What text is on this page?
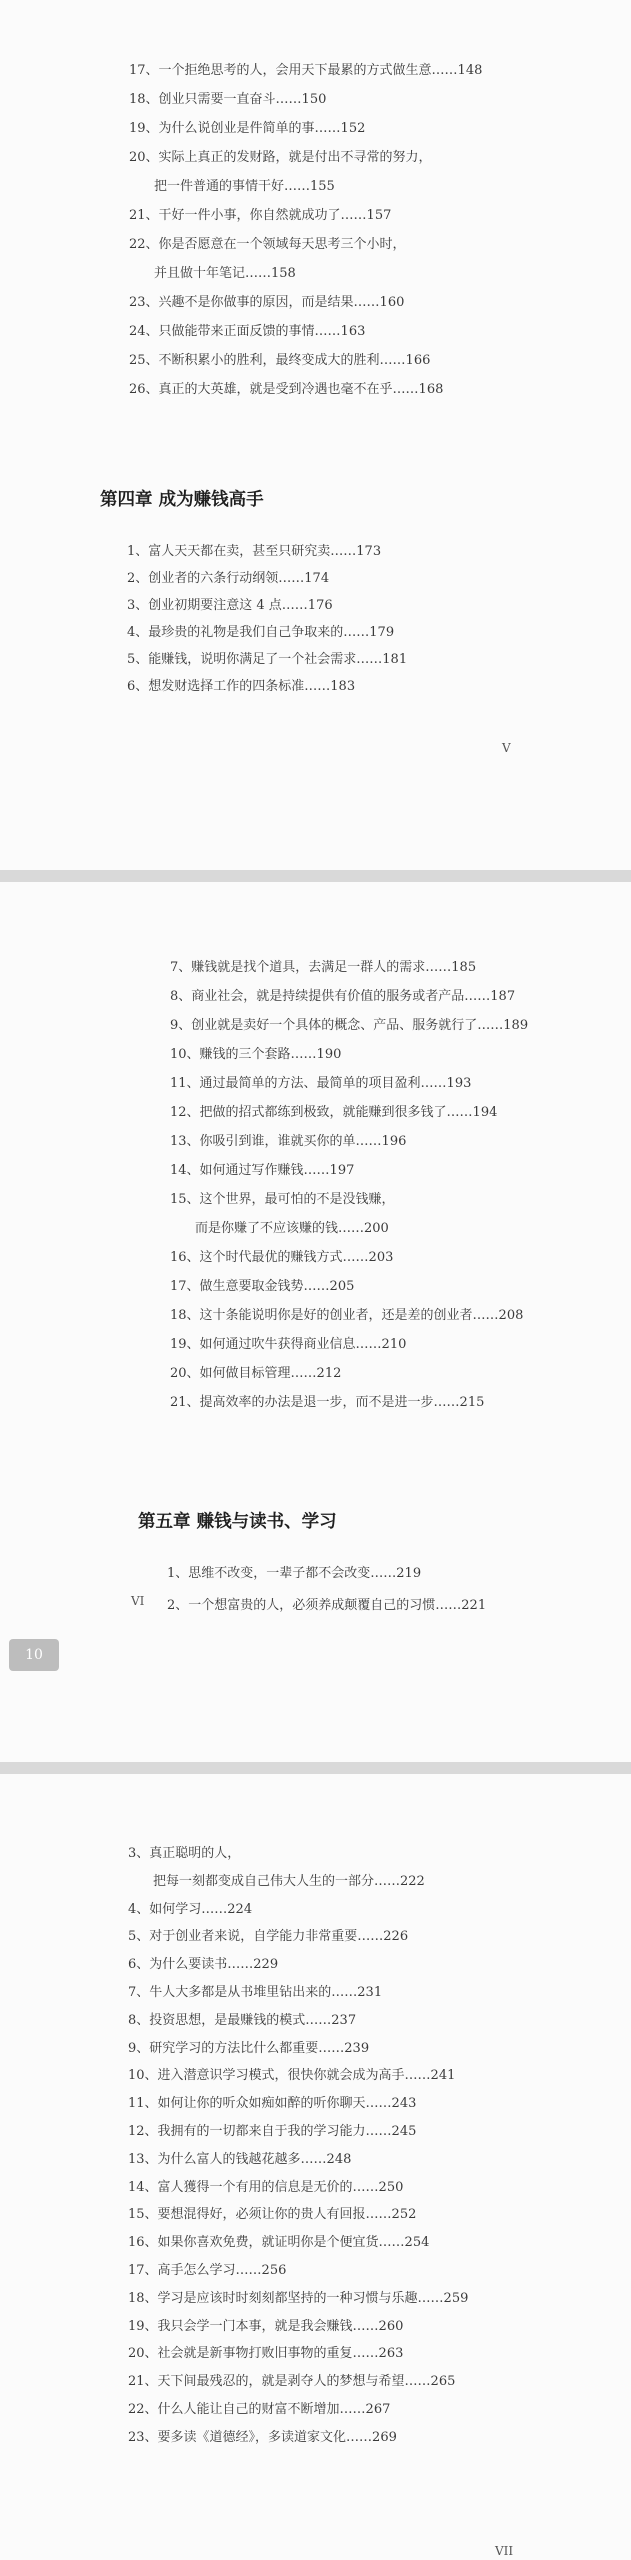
17、一个拒绝思考的人，会用天下最累的方式做生意……148
18、创业只需要一直奋斗……150
19、为什么说创业是件简单的事……152
20、实际上真正的发财路，就是付出不寻常的努力，
把一件普通的事情干好……155
21、干好一件小事，你自然就成功了……157
22、你是否愿意在一个领域每天思考三个小时，
并且做十年笔记……158
23、兴趣不是你做事的原因，而是结果……160
24、只做能带来正面反馈的事情……163
25、不断积累小的胜利，最终变成大的胜利……166
26、真正的大英雄，就是受到冷遇也毫不在乎……168
第四章 成为赚钱高手
1、富人天天都在卖，甚至只研究卖……173
2、创业者的六条行动纲领……174
3、创业初期要注意这 4 点……176
4、最珍贵的礼物是我们自己争取来的……179
5、能赚钱，说明你满足了一个社会需求……181
6、想发财选择工作的四条标准……183
V
7、赚钱就是找个道具，去满足一群人的需求……185
8、商业社会，就是持续提供有价值的服务或者产品……187
9、创业就是卖好一个具体的概念、产品、服务就行了……189
10、赚钱的三个套路……190
11、通过最简单的方法、最简单的项目盈利……193
12、把做的招式都练到极致，就能赚到很多钱了……194
13、你吸引到谁，谁就买你的单……196
14、如何通过写作赚钱……197
15、这个世界，最可怕的不是没钱赚，
而是你赚了不应该赚的钱……200
16、这个时代最优的赚钱方式……203
17、做生意要取金钱势……205
18、这十条能说明你是好的创业者，还是差的创业者……208
19、如何通过吹牛获得商业信息……210
20、如何做目标管理……212
21、提高效率的办法是退一步，而不是进一步……215
第五章 赚钱与读书、学习
1、思维不改变，一辈子都不会改变……219
2、一个想富贵的人，必须养成颠覆自己的习惯……221
VI
10
3、真正聪明的人，
把每一刻都变成自己伟大人生的一部分……222
4、如何学习……224
5、对于创业者来说，自学能力非常重要……226
6、为什么要读书……229
7、牛人大多都是从书堆里钻出来的……231
8、投资思想，是最赚钱的模式……237
9、研究学习的方法比什么都重要……239
10、进入潜意识学习模式，很快你就会成为高手……241
11、如何让你的听众如痴如醉的听你聊天……243
12、我拥有的一切都来自于我的学习能力……245
13、为什么富人的钱越花越多……248
14、富人獲得一个有用的信息是无价的……250
15、要想混得好，必须让你的贵人有回报……252
16、如果你喜欢免费，就证明你是个便宜货……254
17、高手怎么学习……256
18、学习是应该时时刻刻都坚持的一种习惯与乐趣……259
19、我只会学一门本事，就是我会赚钱……260
20、社会就是新事物打败旧事物的重复……263
21、天下间最残忍的，就是剥夺人的梦想与希望……265
22、什么人能让自己的财富不断增加……267
23、要多读《道德经》，多读道家文化……269
VII
